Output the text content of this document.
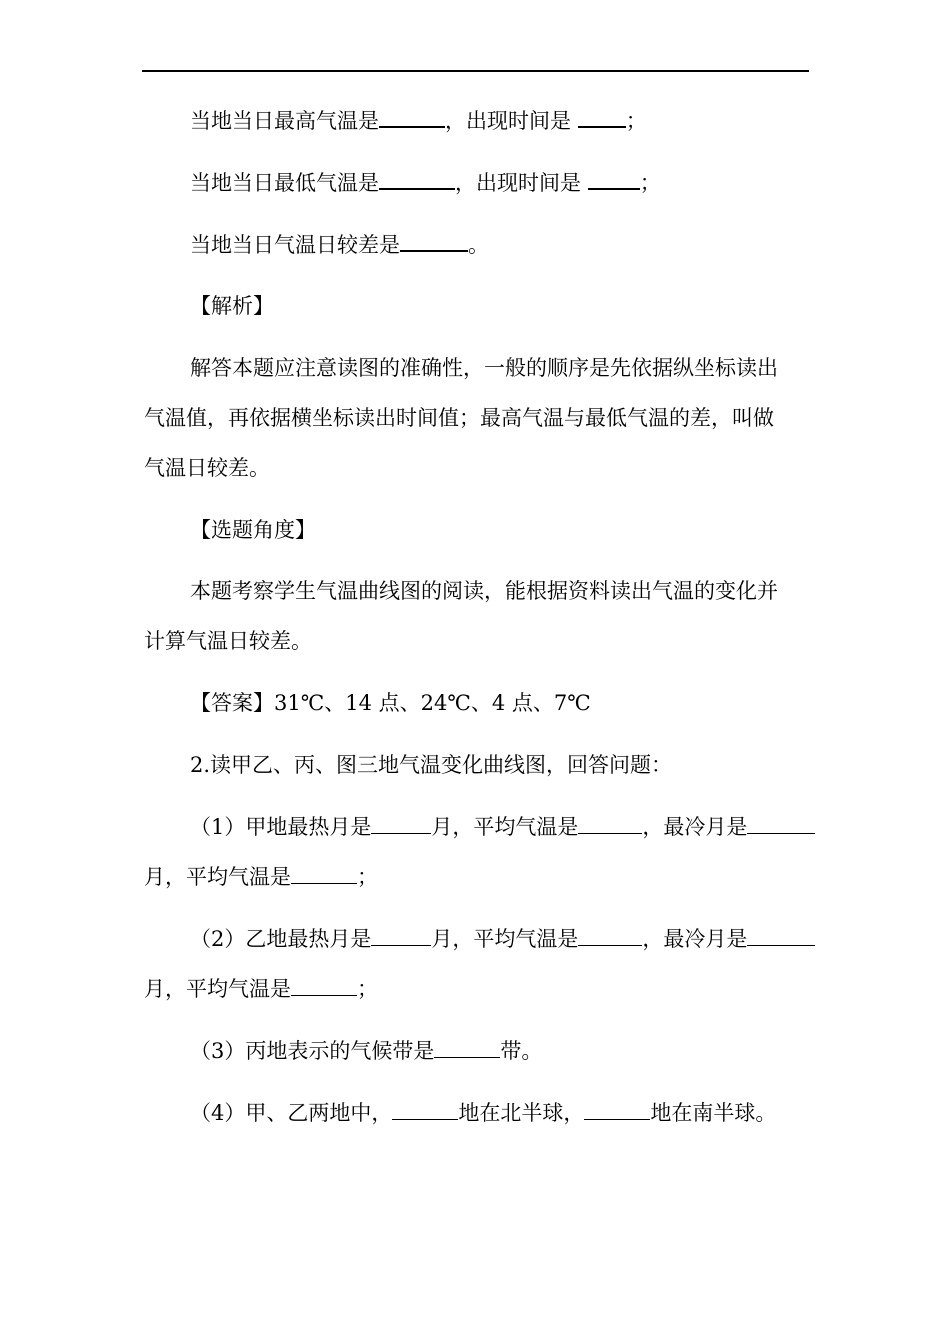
当地当日最高气温是	，出现时间是	；
当地当日最低气温是	，出现时间是	；
当地当日气温日较差是	。
【解析】
解答本题应注意读图的准确性，一般的顺序是先依据纵坐标读出
气温值，再依据横坐标读出时间值；最高气温与最低气温的差，叫做
气温日较差。
【选题角度】
本题考察学生气温曲线图的阅读，能根据资料读出气温的变化并
计算气温日较差。
【答案】31℃、14 点、24℃、4 点、7℃
2.读甲乙、丙、图三地气温变化曲线图，回答问题：
（1）甲地最热月是	月，平均气温是	，最冷月是
月，平均气温是	；
（2）乙地最热月是	月，平均气温是	，最冷月是
月，平均气温是	；
（3）丙地表示的气候带是	带。
（4）甲、乙两地中，	地在北半球，	地在南半球。
